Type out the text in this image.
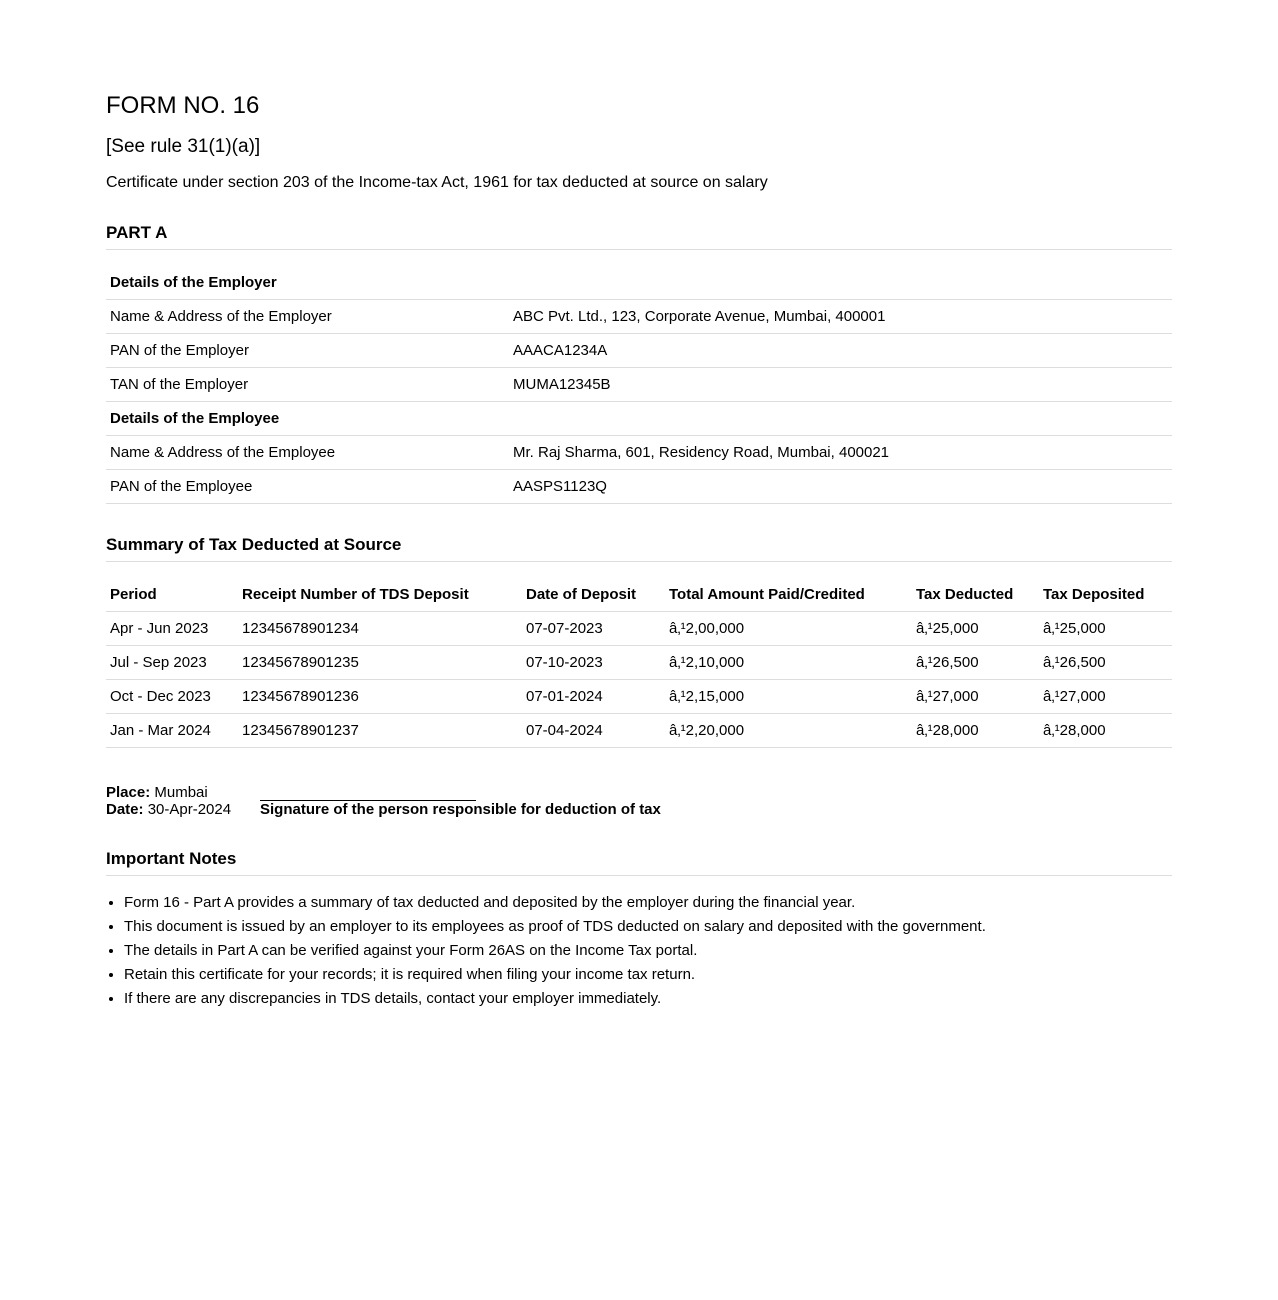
FORM NO. 16
[See rule 31(1)(a)]
Certificate under section 203 of the Income-tax Act, 1961 for tax deducted at source on salary
PART A
Details of the Employer	
Name & Address of the Employer	ABC Pvt. Ltd., 123, Corporate Avenue, Mumbai, 400001
PAN of the Employer	AAACA1234A
TAN of the Employer	MUMA12345B
Details of the Employee	
Name & Address of the Employee	Mr. Raj Sharma, 601, Residency Road, Mumbai, 400021
PAN of the Employee	AASPS1123Q
Summary of Tax Deducted at Source
Period	Receipt Number of TDS Deposit	Date of Deposit	Total Amount Paid/Credited	Tax Deducted	Tax Deposited
Apr - Jun 2023	12345678901234	07-07-2023	â‚¹2,00,000	â‚¹25,000	â‚¹25,000
Jul - Sep 2023	12345678901235	07-10-2023	â‚¹2,10,000	â‚¹26,500	â‚¹26,500
Oct - Dec 2023	12345678901236	07-01-2024	â‚¹2,15,000	â‚¹27,000	â‚¹27,000
Jan - Mar 2024	12345678901237	07-04-2024	â‚¹2,20,000	â‚¹28,000	â‚¹28,000
Place: Mumbai
Date: 30-Apr-2024 Signature of the person responsible for deduction of tax
Important Notes
• Form 16 - Part A provides a summary of tax deducted and deposited by the employer during the financial year.
• This document is issued by an employer to its employees as proof of TDS deducted on salary and deposited with the government.
• The details in Part A can be verified against your Form 26AS on the Income Tax portal.
• Retain this certificate for your records; it is required when filing your income tax return.
• If there are any discrepancies in TDS details, contact your employer immediately.
